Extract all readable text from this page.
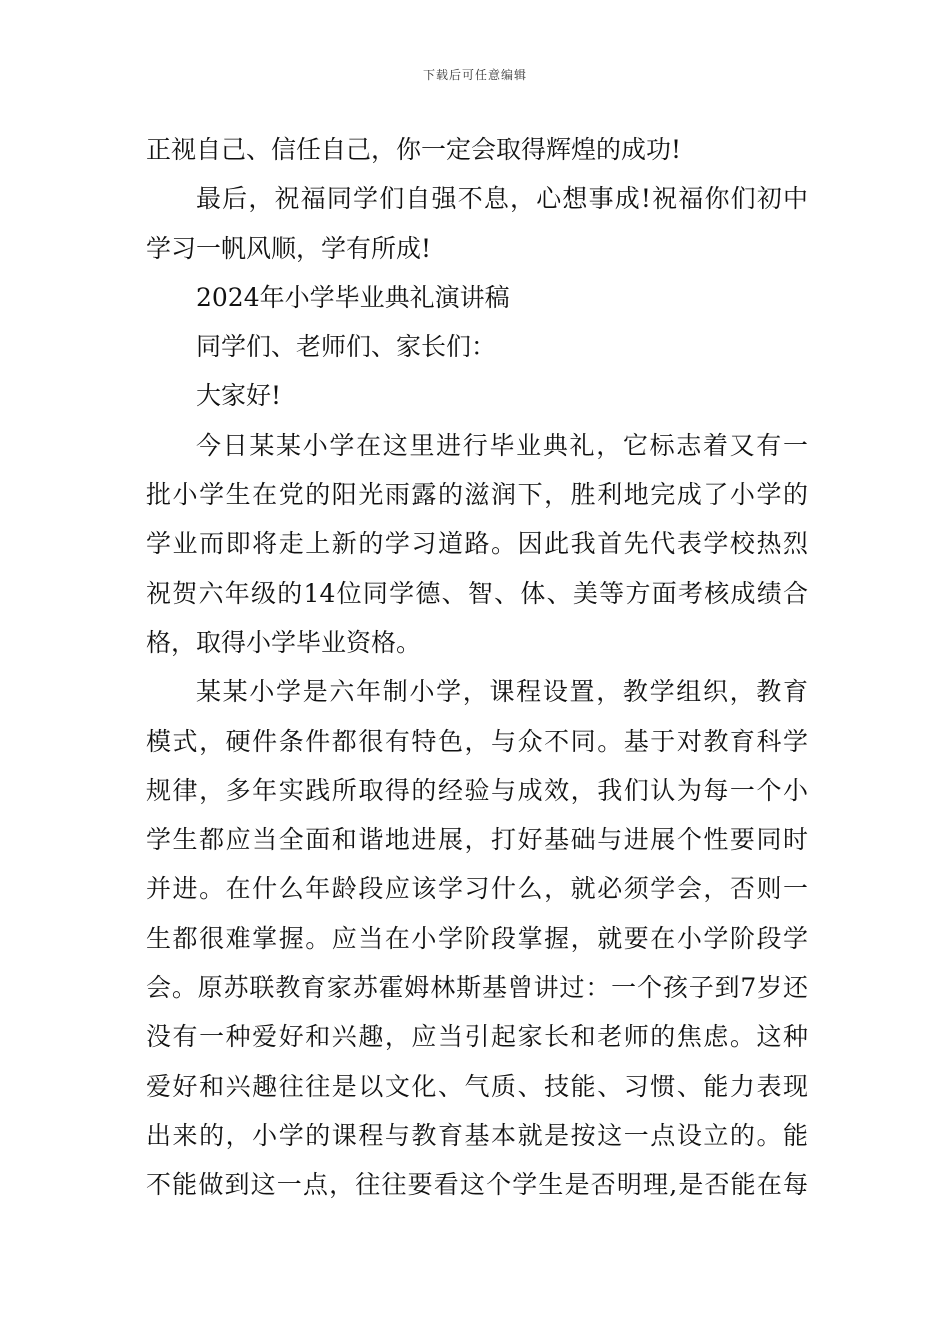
下载后可任意编辑
正视自己、信任自己，你一定会取得辉煌的成功!
最后，祝福同学们自强不息，心想事成!祝福你们初中
学习一帆风顺，学有所成!
2024年小学毕业典礼演讲稿
同学们、老师们、家长们：
大家好!
今日某某小学在这里进行毕业典礼，它标志着又有一
批小学生在党的阳光雨露的滋润下，胜利地完成了小学的
学业而即将走上新的学习道路。因此我首先代表学校热烈
祝贺六年级的14位同学德、智、体、美等方面考核成绩合
格，取得小学毕业资格。
某某小学是六年制小学，课程设置，教学组织，教育
模式，硬件条件都很有特色，与众不同。基于对教育科学
规律，多年实践所取得的经验与成效，我们认为每一个小
学生都应当全面和谐地进展，打好基础与进展个性要同时
并进。在什么年龄段应该学习什么，就必须学会，否则一
生都很难掌握。应当在小学阶段掌握，就要在小学阶段学
会。原苏联教育家苏霍姆林斯基曾讲过：一个孩子到7岁还
没有一种爱好和兴趣，应当引起家长和老师的焦虑。这种
爱好和兴趣往往是以文化、气质、技能、习惯、能力表现
出来的，小学的课程与教育基本就是按这一点设立的。能
不能做到这一点，往往要看这个学生是否明理,是否能在每
